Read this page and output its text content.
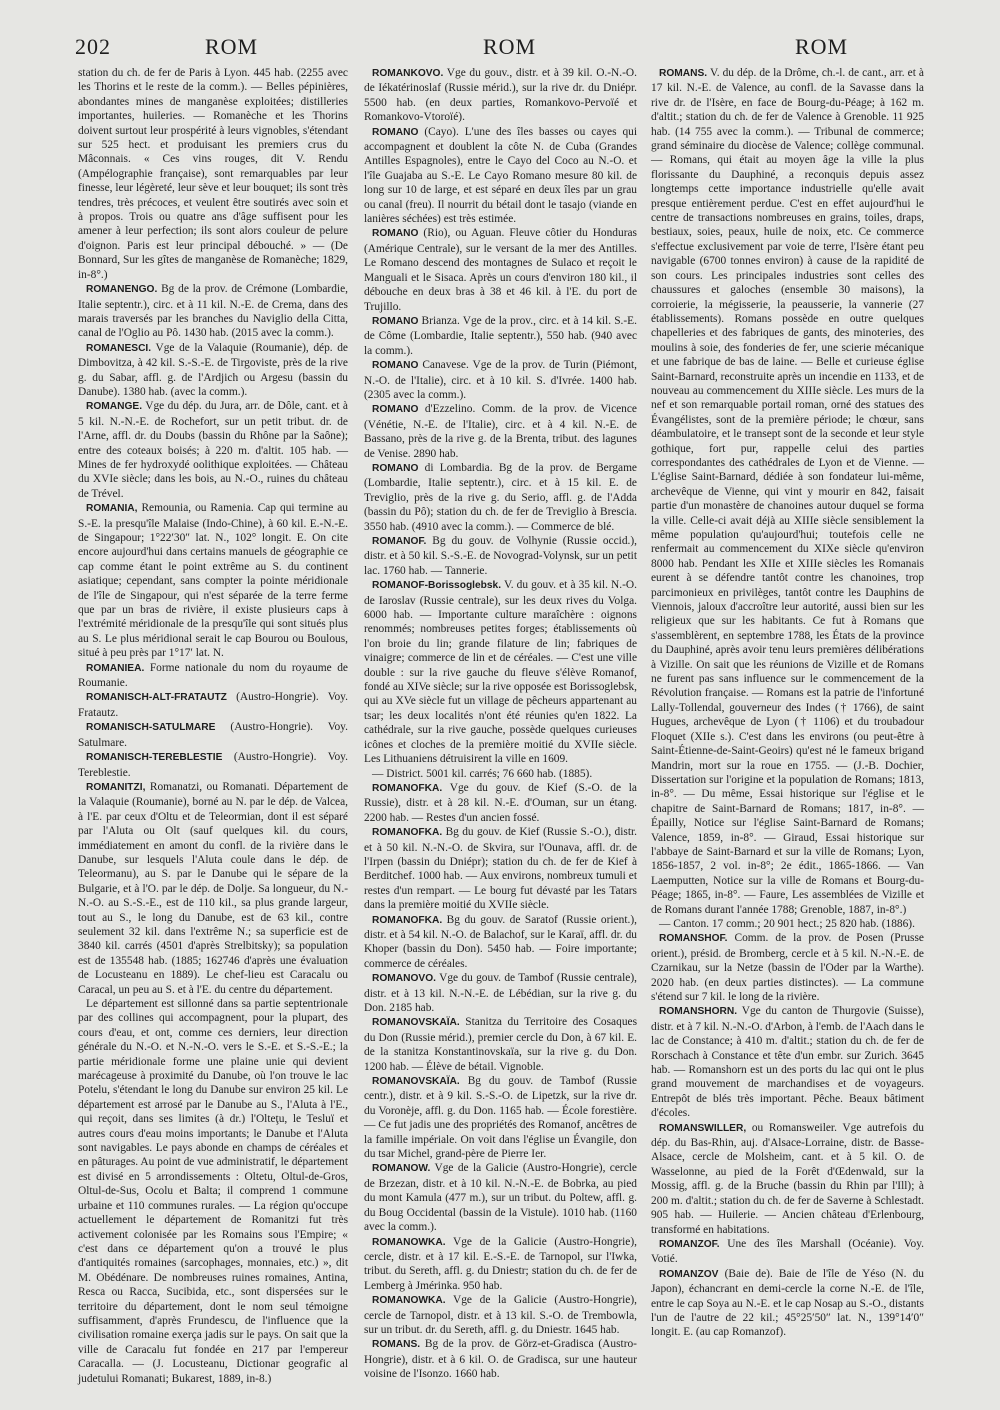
202	ROM	ROM	ROM

station du ch. de fer de Paris à Lyon. 445 hab. (2255 avec les Thorins et le reste de la comm.). — Belles pépinières, abondantes mines de manganèse exploitées; distilleries importantes, huileries. — Romanèche et les Thorins doivent surtout leur prospérité à leurs vignobles, s'étendant sur 525 hect. et produisant les premiers crus du Mâconnais. « Ces vins rouges, dit V. Rendu (Ampélographie française), sont remarquables par leur finesse, leur légèreté, leur sève et leur bouquet; ils sont très tendres, très précoces, et veulent être soutirés avec soin et à propos. Trois ou quatre ans d'âge suffisent pour les amener à leur perfection; ils sont alors couleur de pelure d'oignon. Paris est leur principal débouché. » — (De Bonnard, Sur les gîtes de manganèse de Romanèche; 1829, in-8°.)

ROMANENGO. Bg de la prov. de Crémone (Lombardie, Italie septentr.), circ. et à 11 kil. N.-E. de Crema, dans des marais traversés par les branches du Naviglio della Citta, canal de l'Oglio au Pô. 1430 hab. (2015 avec la comm.).

ROMANESCI. Vge de la Valaquie (Roumanie), dép. de Dimbovitza, à 42 kil. S.-S.-E. de Tirgoviste, près de la rive g. du Sabar, affl. g. de l'Ardjich ou Argesu (bassin du Danube). 1380 hab. (avec la comm.).

ROMANGE. Vge du dép. du Jura, arr. de Dôle, cant. et à 5 kil. N.-N.-E. de Rochefort, sur un petit tribut. dr. de l'Arne, affl. dr. du Doubs (bassin du Rhône par la Saône); entre des coteaux boisés; à 220 m. d'altit. 105 hab. — Mines de fer hydroxydé oolithique exploitées. — Château du XVIe siècle; dans les bois, au N.-O., ruines du château de Trével.

ROMANIA, Remounia, ou Ramenia. Cap qui termine au S.-E. la presqu'île Malaise (Indo-Chine), à 60 kil. E.-N.-E. de Singapour; 1°22′30″ lat. N., 102° longit. E. On cite encore aujourd'hui dans certains manuels de géographie ce cap comme étant le point extrême au S. du continent asiatique; cependant, sans compter la pointe méridionale de l'île de Singapour, qui n'est séparée de la terre ferme que par un bras de rivière, il existe plusieurs caps à l'extrémité méridionale de la presqu'île qui sont situés plus au S. Le plus méridional serait le cap Bourou ou Boulous, situé à peu près par 1°17′ lat. N.

ROMANIEA. Forme nationale du nom du royaume de Roumanie.

ROMANISCH-ALT-FRATAUTZ (Austro-Hongrie). Voy. Fratautz.

ROMANISCH-SATULMARE (Austro-Hongrie). Voy. Satulmare.

ROMANISCH-TEREBLESTIE (Austro-Hongrie). Voy. Tereblestie.

ROMANITZI, Romanatzi, ou Romanati. Département de la Valaquie (Roumanie), borné au N. par le dép. de Valcea, à l'E. par ceux d'Oltu et de Teleormian, dont il est séparé par l'Aluta ou Olt (sauf quelques kil. du cours, immédiatement en amont du confl. de la rivière dans le Danube, sur lesquels l'Aluta coule dans le dép. de Teleormanu), au S. par le Danube qui le sépare de la Bulgarie, et à l'O. par le dép. de Dolje. Sa longueur, du N.-N.-O. au S.-S.-E., est de 110 kil., sa plus grande largeur, tout au S., le long du Danube, est de 63 kil., contre seulement 32 kil. dans l'extrême N.; sa superficie est de 3840 kil. carrés (4501 d'après Strelbitsky); sa population est de 135548 hab. (1885; 162746 d'après une évaluation de Locusteanu en 1889). Le chef-lieu est Caracalu ou Caracal, un peu au S. et à l'E. du centre du département.

Le département est sillonné dans sa partie septentrionale par des collines qui accompagnent, pour la plupart, des cours d'eau, et ont, comme ces derniers, leur direction générale du N.-O. et N.-N.-O. vers le S.-E. et S.-S.-E.; la partie méridionale forme une plaine unie qui devient marécageuse à proximité du Danube, où l'on trouve le lac Potelu, s'étendant le long du Danube sur environ 25 kil. Le département est arrosé par le Danube au S., l'Aluta à l'E., qui reçoit, dans ses limites (à dr.) l'Olteţu, le Tesluï et autres cours d'eau moins importants; le Danube et l'Aluta sont navigables. Le pays abonde en champs de céréales et en pâturages. Au point de vue administratif, le département est divisé en 5 arrondissements : Oltetu, Oltul-de-Gros, Oltul-de-Sus, Ocolu et Balta; il comprend 1 commune urbaine et 110 communes rurales. — La région qu'occupe actuellement le département de Romanitzi fut très activement colonisée par les Romains sous l'Empire; « c'est dans ce département qu'on a trouvé le plus d'antiquités romaines (sarcophages, monnaies, etc.) », dit M. Obédénare. De nombreuses ruines romaines, Antina, Resca ou Racca, Sucibida, etc., sont dispersées sur le territoire du département, dont le nom seul témoigne suffisamment, d'après Frundescu, de l'influence que la civilisation romaine exerça jadis sur le pays. On sait que la ville de Caracalu fut fondée en 217 par l'empereur Caracalla. — (J. Locusteanu, Dictionar geografic al judetului Romanati; Bukarest, 1889, in-8.)

ROMANKOVO. Vge du gouv., distr. et à 39 kil. O.-N.-O. de Iékatérinoslaf (Russie mérid.), sur la rive dr. du Dniépr. 5500 hab. (en deux parties, Romankovo-Pervoïé et Romankovo-Vtoroïé).

ROMANO (Cayo). L'une des îles basses ou cayes qui accompagnent et doublent la côte N. de Cuba (Grandes Antilles Espagnoles), entre le Cayo del Coco au N.-O. et l'île Guajaba au S.-E. Le Cayo Romano mesure 80 kil. de long sur 10 de large, et est séparé en deux îles par un grau ou canal (freu). Il nourrit du bétail dont le tasajo (viande en lanières séchées) est très estimée.

ROMANO (Rio), ou Aguan. Fleuve côtier du Honduras (Amérique Centrale), sur le versant de la mer des Antilles. Le Romano descend des montagnes de Sulaco et reçoit le Manguali et le Sisaca. Après un cours d'environ 180 kil., il débouche en deux bras à 38 et 46 kil. à l'E. du port de Trujillo.

ROMANO Brianza. Vge de la prov., circ. et à 14 kil. S.-E. de Côme (Lombardie, Italie septentr.), 550 hab. (940 avec la comm.).

ROMANO Canavese. Vge de la prov. de Turin (Piémont, N.-O. de l'Italie), circ. et à 10 kil. S. d'Ivrée. 1400 hab. (2305 avec la comm.).

ROMANO d'Ezzelino. Comm. de la prov. de Vicence (Vénétie, N.-E. de l'Italie), circ. et à 4 kil. N.-E. de Bassano, près de la rive g. de la Brenta, tribut. des lagunes de Venise. 2890 hab.

ROMANO di Lombardia. Bg de la prov. de Bergame (Lombardie, Italie septentr.), circ. et à 15 kil. E. de Treviglio, près de la rive g. du Serio, affl. g. de l'Adda (bassin du Pô); station du ch. de fer de Treviglio à Brescia. 3550 hab. (4910 avec la comm.). — Commerce de blé.

ROMANOF. Bg du gouv. de Volhynie (Russie occid.), distr. et à 50 kil. S.-S.-E. de Novograd-Volynsk, sur un petit lac. 1760 hab. — Tannerie.

ROMANOF-Borissoglebsk. V. du gouv. et à 35 kil. N.-O. de Iaroslav (Russie centrale), sur les deux rives du Volga. 6000 hab. — Importante culture maraîchère : oignons renommés; nombreuses petites forges; établissements où l'on broie du lin; grande filature de lin; fabriques de vinaigre; commerce de lin et de céréales. — C'est une ville double : sur la rive gauche du fleuve s'élève Romanof, fondé au XIVe siècle; sur la rive opposée est Borissoglebsk, qui au XVe siècle fut un village de pêcheurs appartenant au tsar; les deux localités n'ont été réunies qu'en 1822. La cathédrale, sur la rive gauche, possède quelques curieuses icônes et cloches de la première moitié du XVIIe siècle. Les Lithuaniens détruisirent la ville en 1609.

— District. 5001 kil. carrés; 76 660 hab. (1885).

ROMANOFKA. Vge du gouv. de Kief (S.-O. de la Russie), distr. et à 28 kil. N.-E. d'Ouman, sur un étang. 2200 hab. — Restes d'un ancien fossé.

ROMANOFKA. Bg du gouv. de Kief (Russie S.-O.), distr. et à 50 kil. N.-N.-O. de Skvira, sur l'Ounava, affl. dr. de l'Irpen (bassin du Dniépr); station du ch. de fer de Kief à Berditchef. 1000 hab. — Aux environs, nombreux tumuli et restes d'un rempart. — Le bourg fut dévasté par les Tatars dans la première moitié du XVIIe siècle.

ROMANOFKA. Bg du gouv. de Saratof (Russie orient.), distr. et à 54 kil. N.-O. de Balachof, sur le Karaï, affl. dr. du Khoper (bassin du Don). 5450 hab. — Foire importante; commerce de céréales.

ROMANOVO. Vge du gouv. de Tambof (Russie centrale), distr. et à 13 kil. N.-N.-E. de Lébédian, sur la rive g. du Don. 2185 hab.

ROMANOVSKAÏA. Stanitza du Territoire des Cosaques du Don (Russie mérid.), premier cercle du Don, à 67 kil. E. de la stanitza Konstantinovskaïa, sur la rive g. du Don. 1200 hab. — Élève de bétail. Vignoble.

ROMANOVSKAÏA. Bg du gouv. de Tambof (Russie centr.), distr. et à 9 kil. S.-S.-O. de Lipetzk, sur la rive dr. du Voronèje, affl. g. du Don. 1165 hab. — École forestière. — Ce fut jadis une des propriétés des Romanof, ancêtres de la famille impériale. On voit dans l'église un Évangile, don du tsar Michel, grand-père de Pierre Ier.

ROMANOW. Vge de la Galicie (Austro-Hongrie), cercle de Brzezan, distr. et à 10 kil. N.-N.-E. de Bobrka, au pied du mont Kamula (477 m.), sur un tribut. du Poltew, affl. g. du Boug Occidental (bassin de la Vistule). 1010 hab. (1160 avec la comm.).

ROMANOWKA. Vge de la Galicie (Austro-Hongrie), cercle, distr. et à 17 kil. E.-S.-E. de Tarnopol, sur l'Iwka, tribut. du Sereth, affl. g. du Dniestr; station du ch. de fer de Lemberg à Jmérinka. 950 hab.

ROMANOWKA. Vge de la Galicie (Austro-Hongrie), cercle de Tarnopol, distr. et à 13 kil. S.-O. de Trembowla, sur un tribut. dr. du Sereth, affl. g. du Dniestr. 1645 hab.

ROMANS. Bg de la prov. de Görz-et-Gradisca (Austro-Hongrie), distr. et à 6 kil. O. de Gradisca, sur une hauteur voisine de l'Isonzo. 1660 hab.

ROMANS. V. du dép. de la Drôme, ch.-l. de cant., arr. et à 17 kil. N.-E. de Valence, au confl. de la Savasse dans la rive dr. de l'Isère, en face de Bourg-du-Péage; à 162 m. d'altit.; station du ch. de fer de Valence à Grenoble. 11 925 hab. (14 755 avec la comm.). — Tribunal de commerce; grand séminaire du diocèse de Valence; collège communal. — Romans, qui était au moyen âge la ville la plus florissante du Dauphiné, a reconquis depuis assez longtemps cette importance industrielle qu'elle avait presque entièrement perdue. C'est en effet aujourd'hui le centre de transactions nombreuses en grains, toiles, draps, bestiaux, soies, peaux, huile de noix, etc. Ce commerce s'effectue exclusivement par voie de terre, l'Isère étant peu navigable (6700 tonnes environ) à cause de la rapidité de son cours. Les principales industries sont celles des chaussures et galoches (ensemble 30 maisons), la corroierie, la mégisserie, la peausserie, la vannerie (27 établissements). Romans possède en outre quelques chapelleries et des fabriques de gants, des minoteries, des moulins à soie, des fonderies de fer, une scierie mécanique et une fabrique de bas de laine. — Belle et curieuse église Saint-Barnard, reconstruite après un incendie en 1133, et de nouveau au commencement du XIIIe siècle. Les murs de la nef et son remarquable portail roman, orné des statues des Évangélistes, sont de la première période; le chœur, sans déambulatoire, et le transept sont de la seconde et leur style gothique, fort pur, rappelle celui des parties correspondantes des cathédrales de Lyon et de Vienne. — L'église Saint-Barnard, dédiée à son fondateur lui-même, archevêque de Vienne, qui vint y mourir en 842, faisait partie d'un monastère de chanoines autour duquel se forma la ville. Celle-ci avait déjà au XIIIe siècle sensiblement la même population qu'aujourd'hui; toutefois celle ne renfermait au commencement du XIXe siècle qu'environ 8000 hab. Pendant les XIIe et XIIIe siècles les Romanais eurent à se défendre tantôt contre les chanoines, trop parcimonieux en privilèges, tantôt contre les Dauphins de Viennois, jaloux d'accroître leur autorité, aussi bien sur les religieux que sur les habitants. Ce fut à Romans que s'assemblèrent, en septembre 1788, les États de la province du Dauphiné, après avoir tenu leurs premières délibérations à Vizille. On sait que les réunions de Vizille et de Romans ne furent pas sans influence sur le commencement de la Révolution française. — Romans est la patrie de l'infortuné Lally-Tollendal, gouverneur des Indes († 1766), de saint Hugues, archevêque de Lyon († 1106) et du troubadour Floquet (XIIe s.). C'est dans les environs (ou peut-être à Saint-Étienne-de-Saint-Geoirs) qu'est né le fameux brigand Mandrin, mort sur la roue en 1755. — (J.-B. Dochier, Dissertation sur l'origine et la population de Romans; 1813, in-8°. — Du même, Essai historique sur l'église et le chapitre de Saint-Barnard de Romans; 1817, in-8°. — Épailly, Notice sur l'église Saint-Barnard de Romans; Valence, 1859, in-8°. — Giraud, Essai historique sur l'abbaye de Saint-Barnard et sur la ville de Romans; Lyon, 1856-1857, 2 vol. in-8°; 2e édit., 1865-1866. — Van Laemputten, Notice sur la ville de Romans et Bourg-du-Péage; 1865, in-8°. — Faure, Les assemblées de Vizille et de Romans durant l'année 1788; Grenoble, 1887, in-8°.)

— Canton. 17 comm.; 20 901 hect.; 25 820 hab. (1886).

ROMANSHOF. Comm. de la prov. de Posen (Prusse orient.), présid. de Bromberg, cercle et à 5 kil. N.-N.-E. de Czarnikau, sur la Netze (bassin de l'Oder par la Warthe). 2020 hab. (en deux parties distinctes). — La commune s'étend sur 7 kil. le long de la rivière.

ROMANSHORN. Vge du canton de Thurgovie (Suisse), distr. et à 7 kil. N.-N.-O. d'Arbon, à l'emb. de l'Aach dans le lac de Constance; à 410 m. d'altit.; station du ch. de fer de Rorschach à Constance et tête d'un embr. sur Zurich. 3645 hab. — Romanshorn est un des ports du lac qui ont le plus grand mouvement de marchandises et de voyageurs. Entrepôt de blés très important. Pêche. Beaux bâtiment d'écoles.

ROMANSWILLER, ou Romansweiler. Vge autrefois du dép. du Bas-Rhin, auj. d'Alsace-Lorraine, distr. de Basse-Alsace, cercle de Molsheim, cant. et à 5 kil. O. de Wasselonne, au pied de la Forêt d'Œdenwald, sur la Mossig, affl. g. de la Bruche (bassin du Rhin par l'Ill); à 200 m. d'altit.; station du ch. de fer de Saverne à Schlestadt. 905 hab. — Huilerie. — Ancien château d'Erlenbourg, transformé en habitations.

ROMANZOF. Une des îles Marshall (Océanie). Voy. Votié.

ROMANZOV (Baie de). Baie de l'île de Yéso (N. du Japon), échancrant en demi-cercle la corne N.-E. de l'île, entre le cap Soya au N.-E. et le cap Nosap au S.-O., distants l'un de l'autre de 22 kil.; 45°25′50″ lat. N., 139°14′0″ longit. E. (au cap Romanzof).
